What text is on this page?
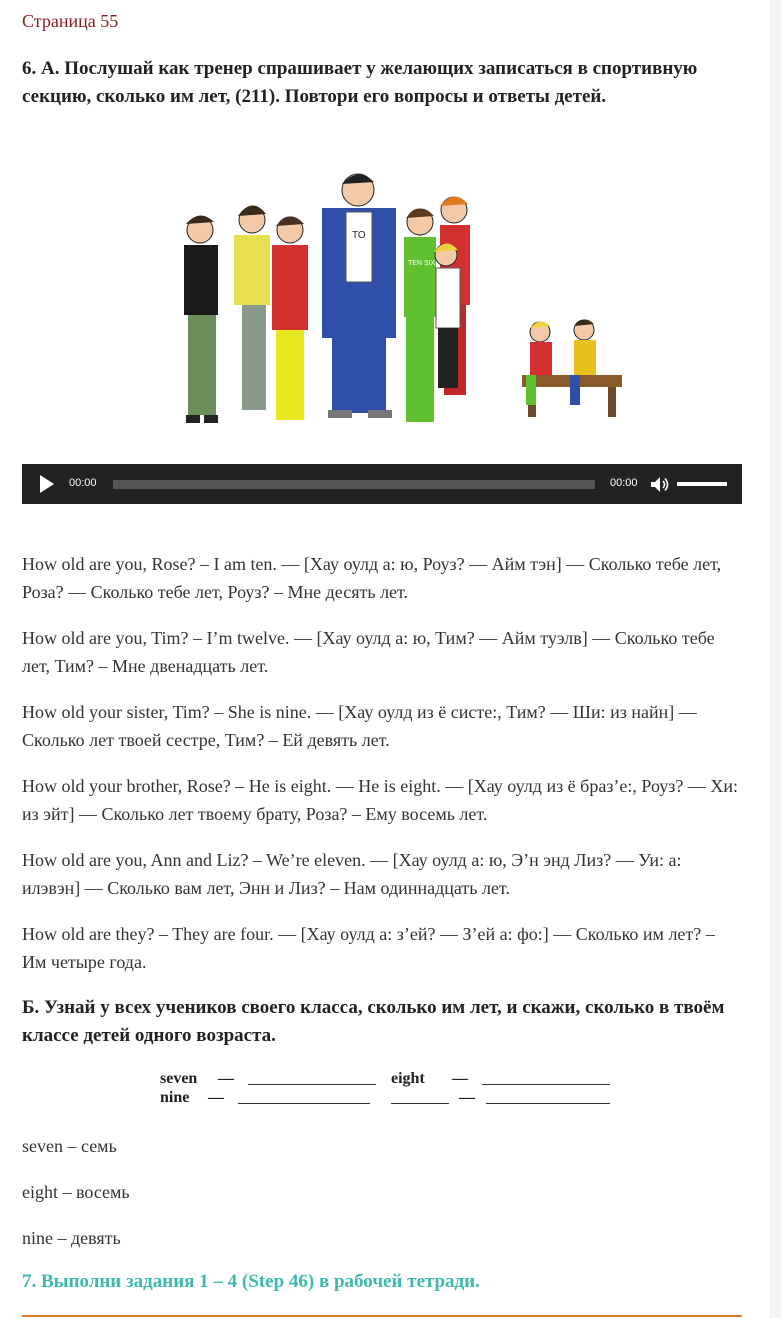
Страница 55
6. А. Послушай как тренер спрашивает у желающих записаться в спортивную секцию, сколько им лет, (211). Повтори его вопросы и ответы детей.
TO
TEN SIX
00:00	00:00
How old are you, Rose? – I am ten. — [Хау оулд а: ю, Роуз? — Айм тэн] — Сколько тебе лет, Роза? — Сколько тебе лет, Роуз? – Мне десять лет.
How old are you, Tim? – I’m twelve. — [Хау оулд а: ю, Тим? — Айм туэлв] — Сколько тебе лет, Тим? – Мне двенадцать лет.
How old your sister, Tim? – She is nine. — [Хау оулд из ё систе:, Тим? — Ши: из найн] — Сколько лет твоей сестре, Тим? – Ей девять лет.
How old your brother, Rose? – He is eight. — He is eight. — [Хау оулд из ё браз’е:, Роуз? — Хи: из эйт] — Сколько лет твоему брату, Роза? – Ему восемь лет.
How old are you, Ann and Liz? – We’re eleven. — [Хау оулд а: ю, Э’н энд Лиз? — Уи: а: илэвэн] — Сколько вам лет, Энн и Лиз? – Нам одиннадцать лет.
How old are they? – They are four. — [Хау оулд а: з’ей? — З’ей а: фо:] — Сколько им лет? – Им четыре года.
Б. Узнай у всех учеников своего класса, сколько им лет, и скажи, сколько в твоём классе детей одного возраста.
seven —	eight —
nine —	—
seven – семь
eight – восемь
nine – девять
7. Выполни задания 1 – 4 (Step 46) в рабочей тетради.
